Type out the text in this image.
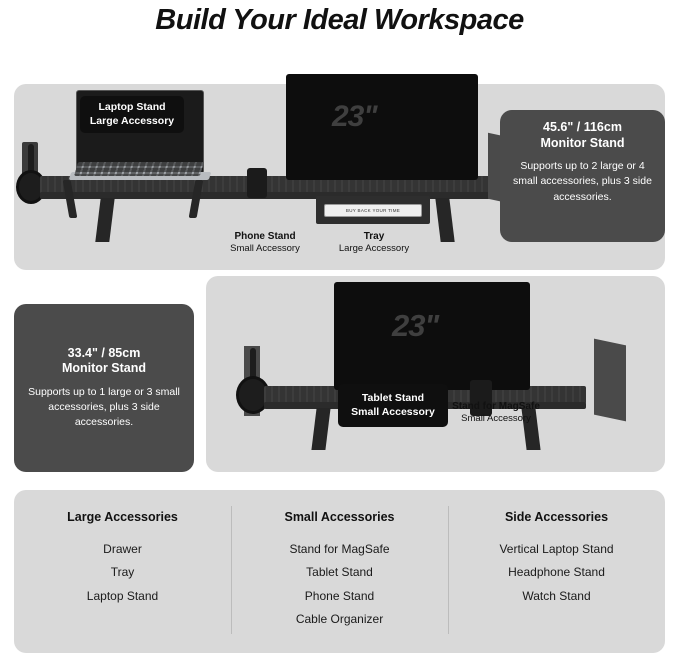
Build Your Ideal Workspace
Laptop Stand
Large Accessory	23"
BUY BACK YOUR TIME
Phone Stand
Small Accessory
Tray
Large Accessory
45.6" / 116cm
Monitor Stand
Supports up to 2 large or 4 small accessories, plus 3 side accessories.
33.4" / 85cm
Monitor Stand
Supports up to 1 large or 3 small accessories, plus 3 side accessories.
23"
Tablet Stand
Small Accessory	Stand for MagSafe
Small Accessory
Large Accessories
Drawer
Tray
Laptop Stand
Small Accessories
Stand for MagSafe
Tablet Stand
Phone Stand
Cable Organizer
Side Accessories
Vertical Laptop Stand
Headphone Stand
Watch Stand
